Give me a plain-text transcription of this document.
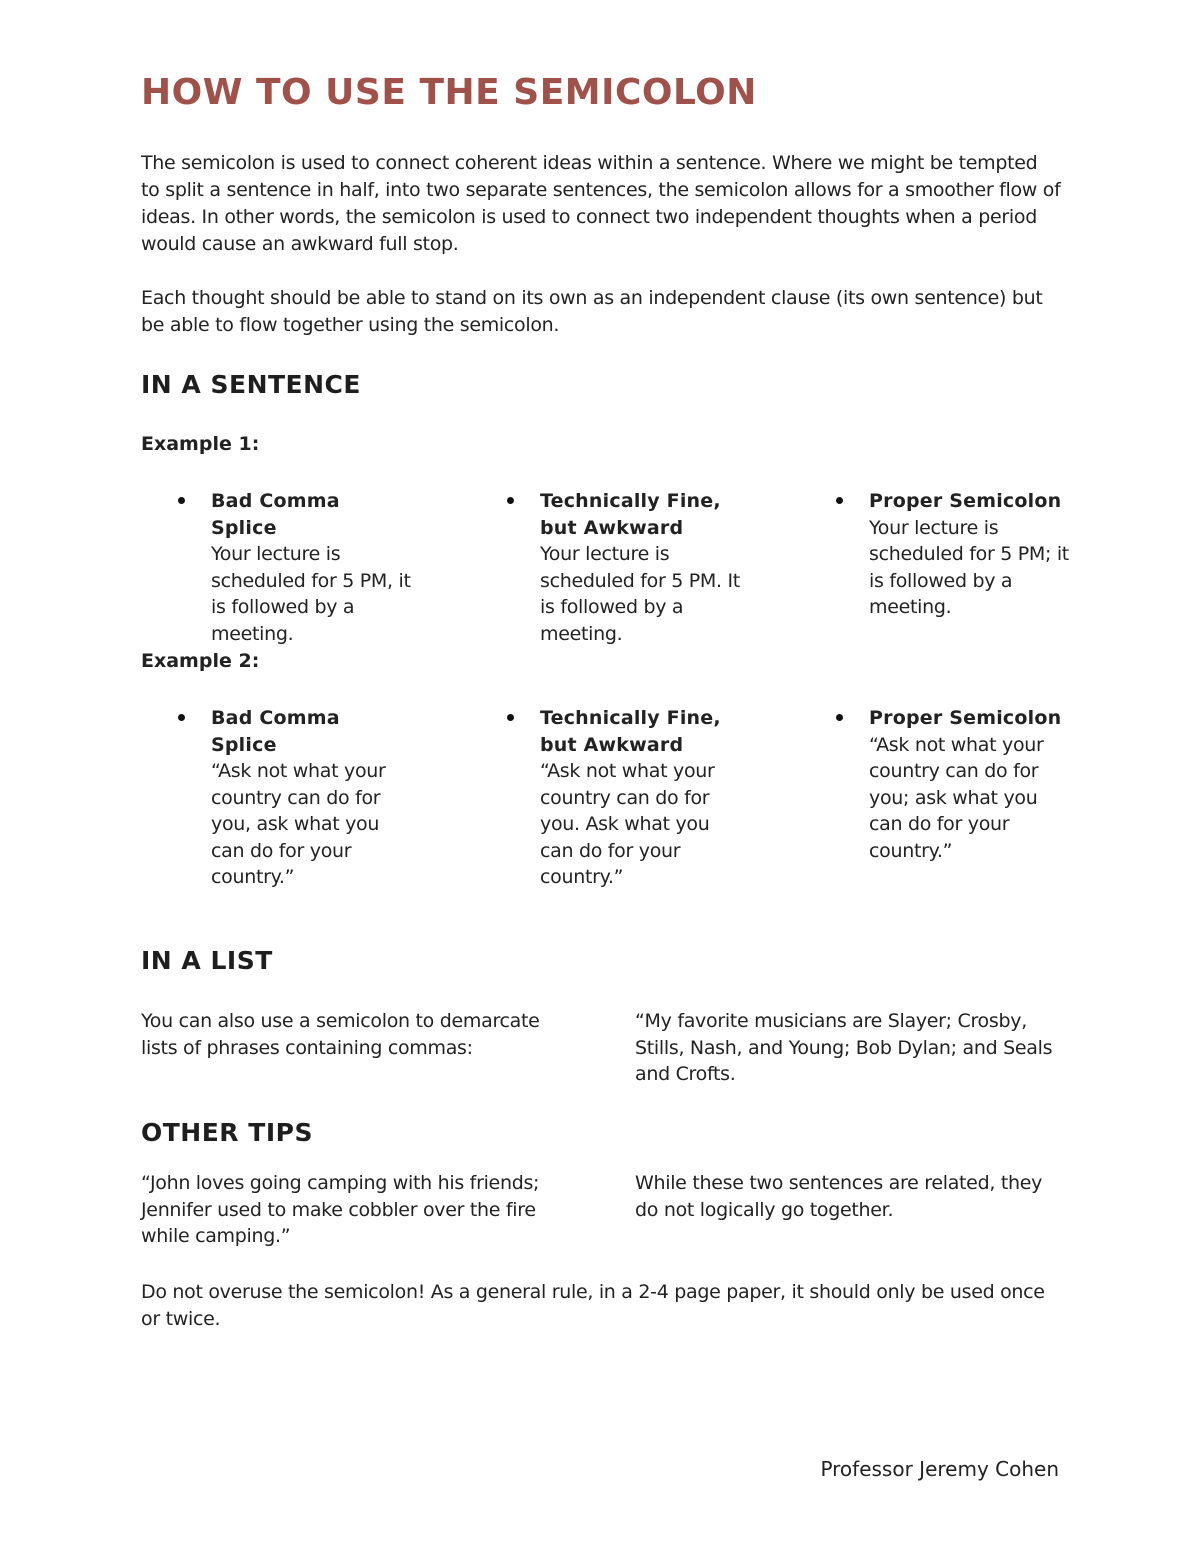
HOW TO USE THE SEMICOLON

The semicolon is used to connect coherent ideas within a sentence. Where we might be tempted to split a sentence in half, into two separate sentences, the semicolon allows for a smoother flow of ideas. In other words, the semicolon is used to connect two independent thoughts when a period would cause an awkward full stop.

Each thought should be able to stand on its own as an independent clause (its own sentence) but be able to flow together using the semicolon.

IN A SENTENCE

Example 1:

Bad Comma Splice
Your lecture is scheduled for 5 PM, it is followed by a meeting.
Technically Fine, but Awkward
Your lecture is scheduled for 5 PM. It is followed by a meeting.
Proper Semicolon
Your lecture is scheduled for 5 PM; it is followed by a meeting.

Example 2:

Bad Comma Splice
“Ask not what your country can do for you, ask what you can do for your country.”
Technically Fine, but Awkward
“Ask not what your country can do for you. Ask what you can do for your country.”
Proper Semicolon
“Ask not what your country can do for you; ask what you can do for your country.”
IN A LIST

You can also use a semicolon to demarcate lists of phrases containing commas:

“My favorite musicians are Slayer; Crosby, Stills, Nash, and Young; Bob Dylan; and Seals and Crofts.

OTHER TIPS

“John loves going camping with his friends; Jennifer used to make cobbler over the fire while camping.”

While these two sentences are related, they do not logically go together.

Do not overuse the semicolon! As a general rule, in a 2-4 page paper, it should only be used once or twice.

Professor Jeremy Cohen
